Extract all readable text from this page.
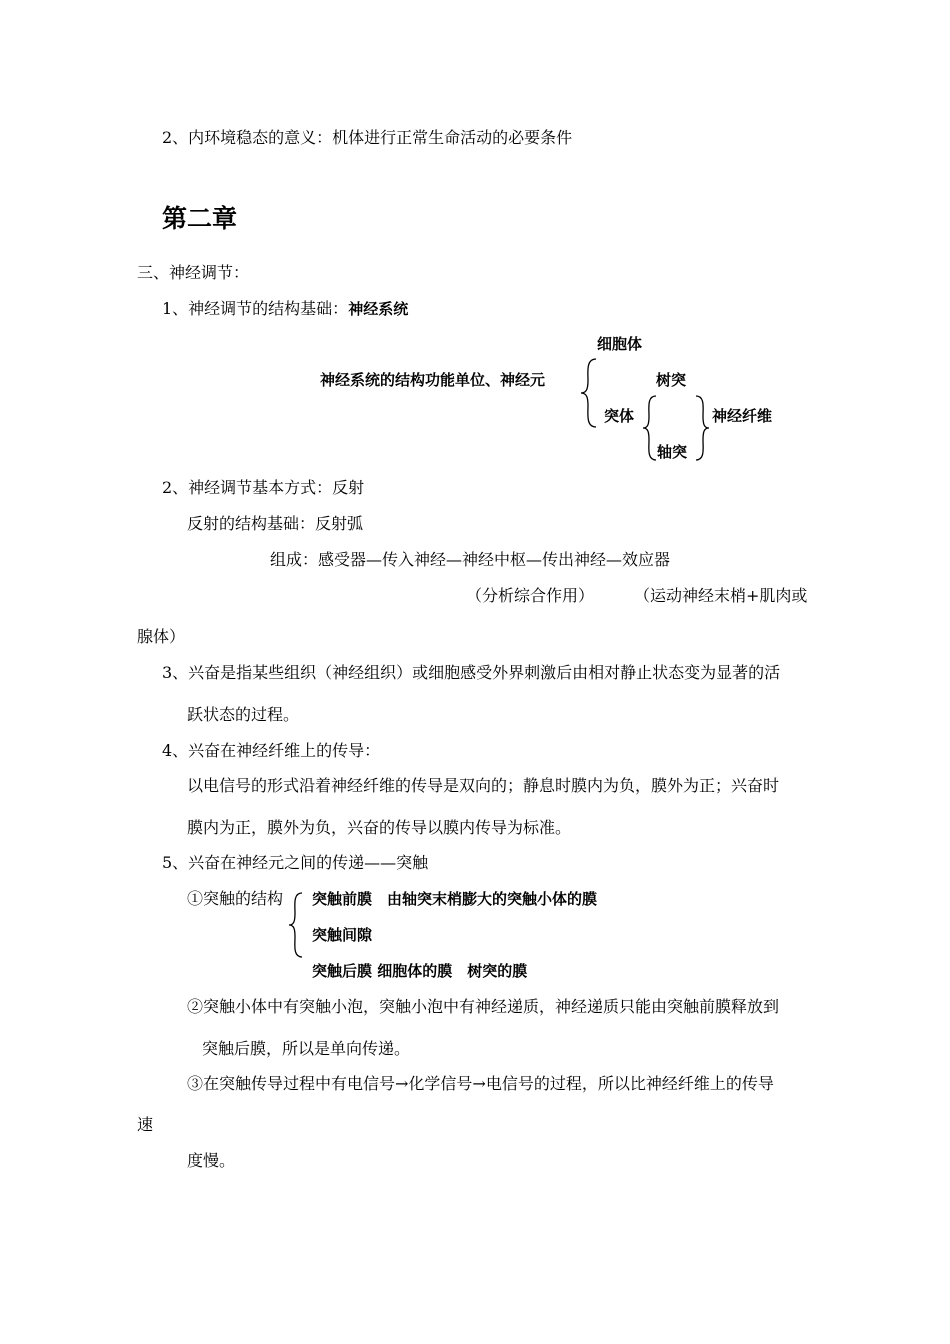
2、内环境稳态的意义：机体进行正常生命活动的必要条件
第二章
三、神经调节：
1、神经调节的结构基础：神经系统
神经系统的结构功能单位、神经元
细胞体
树突
突体
轴突
神经纤维
2、神经调节基本方式：反射
反射的结构基础：反射弧
组成：感受器—传入神经—神经中枢—传出神经—效应器
（分析综合作用） （运动神经末梢+肌肉或
腺体）
3、兴奋是指某些组织（神经组织）或细胞感受外界刺激后由相对静止状态变为显著的活
跃状态的过程。
4、兴奋在神经纤维上的传导：
以电信号的形式沿着神经纤维的传导是双向的；静息时膜内为负，膜外为正；兴奋时
膜内为正，膜外为负，兴奋的传导以膜内传导为标准。
5、兴奋在神经元之间的传递——突触
①突触的结构 突触前膜　由轴突末梢膨大的突触小体的膜
突触间隙
突触后膜 细胞体的膜　树突的膜
②突触小体中有突触小泡，突触小泡中有神经递质，神经递质只能由突触前膜释放到
突触后膜，所以是单向传递。
③在突触传导过程中有电信号→化学信号→电信号的过程，所以比神经纤维上的传导
速
度慢。
